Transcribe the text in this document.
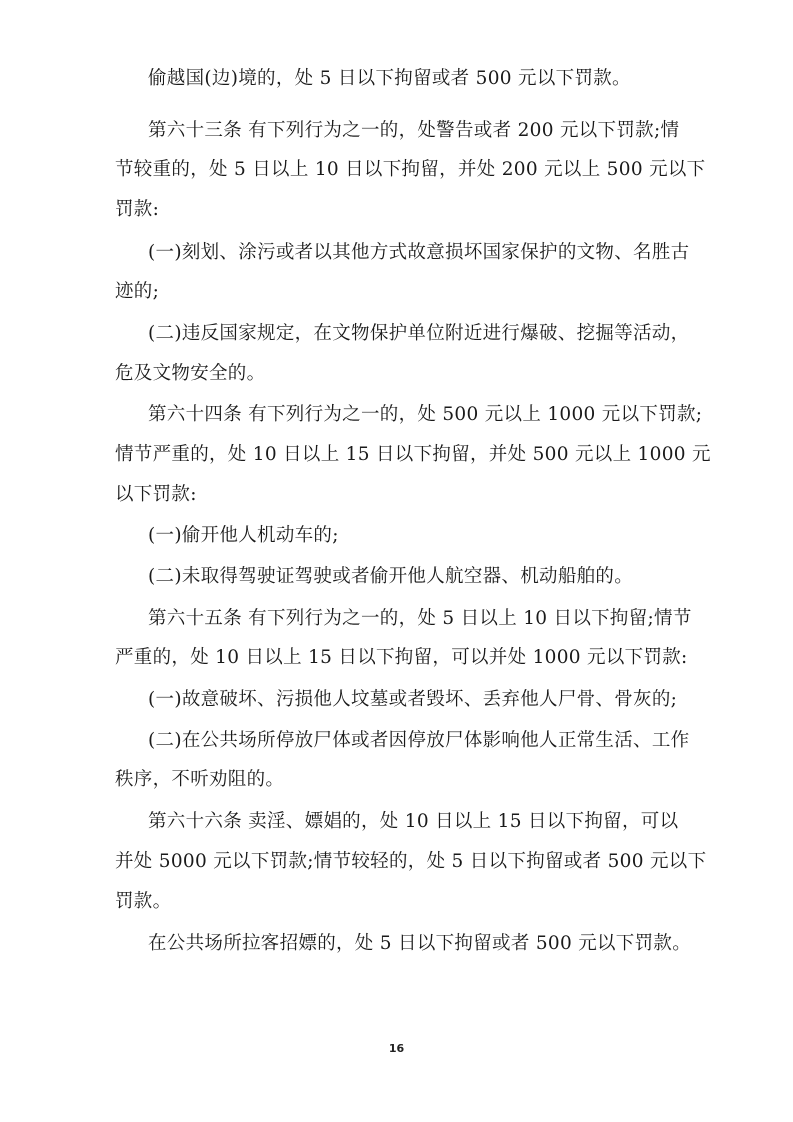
偷越国(边)境的，处 5 日以下拘留或者 500 元以下罚款。
第六十三条 有下列行为之一的，处警告或者 200 元以下罚款;情
节较重的，处 5 日以上 10 日以下拘留，并处 200 元以上 500 元以下
罚款:
(一)刻划、涂污或者以其他方式故意损坏国家保护的文物、名胜古
迹的;
(二)违反国家规定，在文物保护单位附近进行爆破、挖掘等活动，
危及文物安全的。
第六十四条 有下列行为之一的，处 500 元以上 1000 元以下罚款;
情节严重的，处 10 日以上 15 日以下拘留，并处 500 元以上 1000 元
以下罚款:
(一)偷开他人机动车的;
(二)未取得驾驶证驾驶或者偷开他人航空器、机动船舶的。
第六十五条 有下列行为之一的，处 5 日以上 10 日以下拘留;情节
严重的，处 10 日以上 15 日以下拘留，可以并处 1000 元以下罚款:
(一)故意破坏、污损他人坟墓或者毁坏、丢弃他人尸骨、骨灰的;
(二)在公共场所停放尸体或者因停放尸体影响他人正常生活、工作
秩序，不听劝阻的。
第六十六条 卖淫、嫖娼的，处 10 日以上 15 日以下拘留，可以
并处 5000 元以下罚款;情节较轻的，处 5 日以下拘留或者 500 元以下
罚款。
在公共场所拉客招嫖的，处 5 日以下拘留或者 500 元以下罚款。
16
